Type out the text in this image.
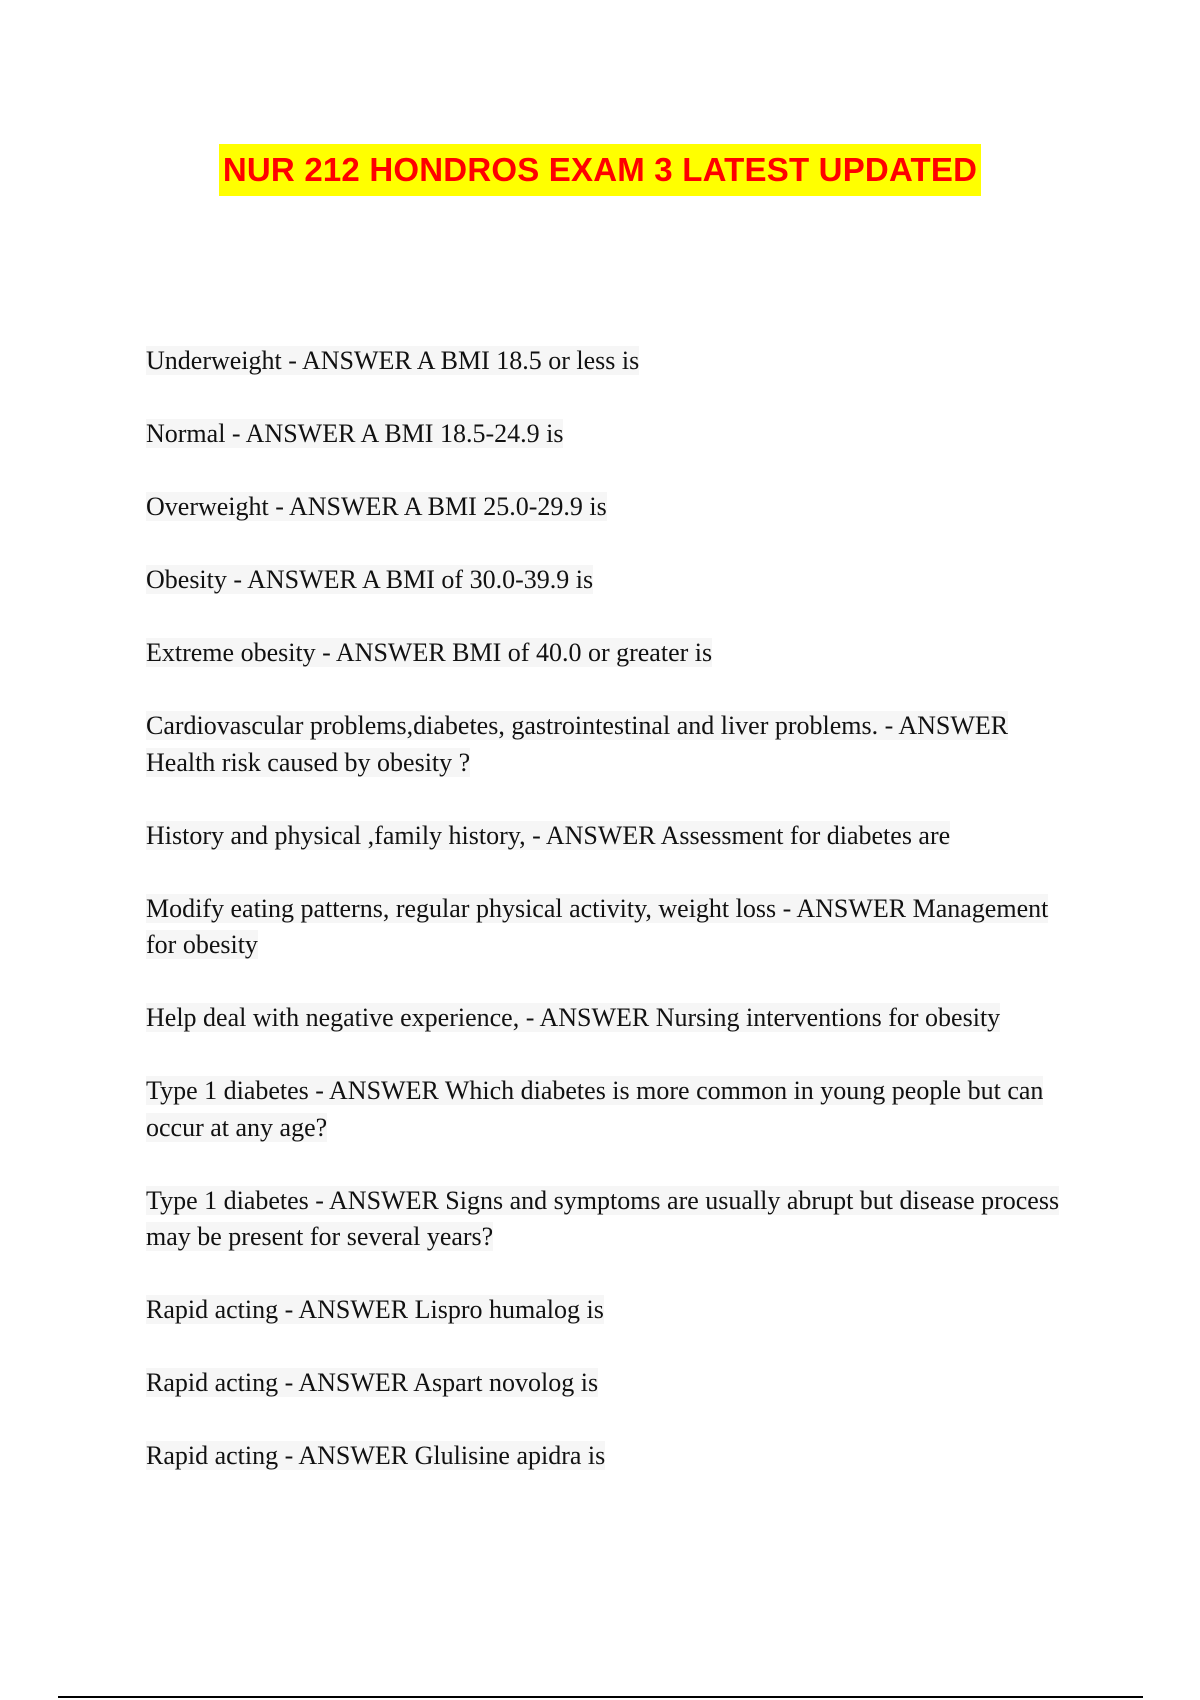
NUR 212 HONDROS EXAM 3 LATEST UPDATED
Underweight - ANSWER A BMI 18.5 or less is
Normal - ANSWER A BMI 18.5-24.9 is
Overweight - ANSWER A BMI 25.0-29.9 is
Obesity - ANSWER A BMI of 30.0-39.9 is
Extreme obesity - ANSWER BMI of 40.0 or greater is
Cardiovascular problems,diabetes, gastrointestinal and liver problems. - ANSWER Health risk caused by obesity ?
History and physical ,family history, - ANSWER Assessment for diabetes are
Modify eating patterns, regular physical activity, weight loss - ANSWER Management for obesity
Help deal with negative experience, - ANSWER Nursing interventions for obesity
Type 1 diabetes - ANSWER Which diabetes is more common in young people but can occur at any age?
Type 1 diabetes - ANSWER Signs and symptoms are usually abrupt but disease process may be present for several years?
Rapid acting - ANSWER Lispro humalog is
Rapid acting - ANSWER Aspart novolog is
Rapid acting - ANSWER Glulisine apidra is
